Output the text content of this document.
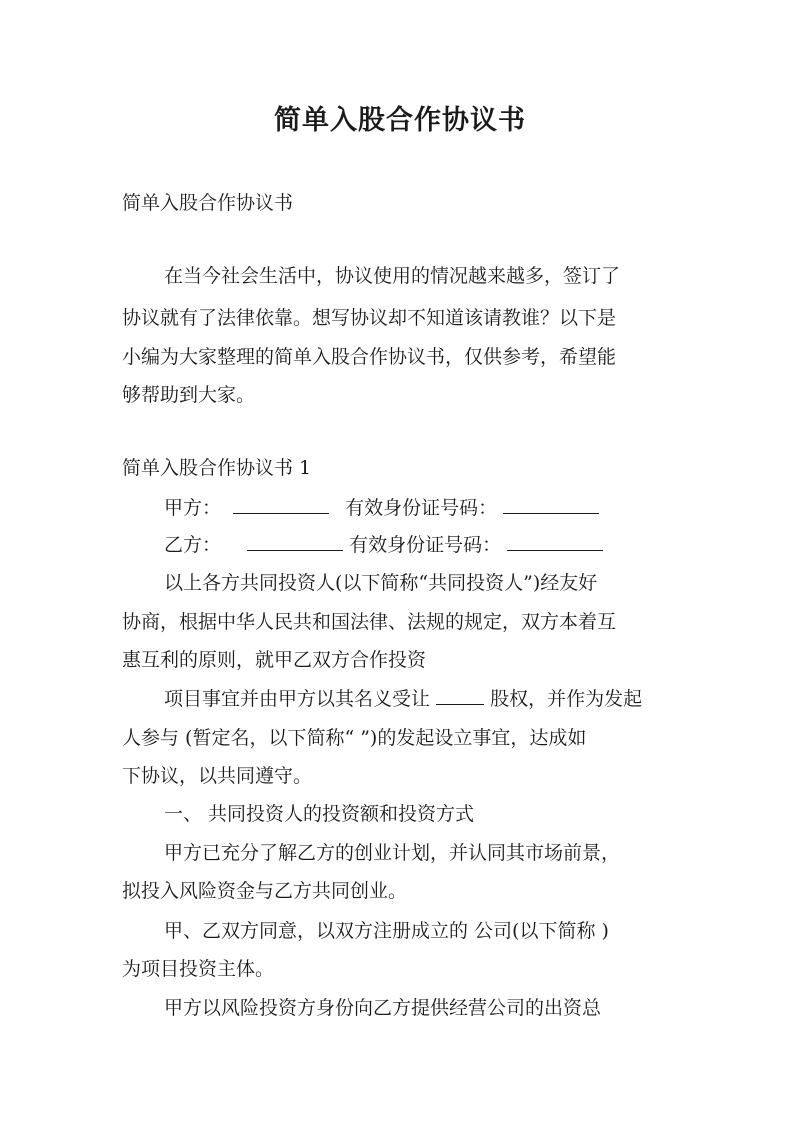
简单入股合作协议书

简单入股合作协议书

在当今社会生活中，协议使用的情况越来越多，签订了

协议就有了法律依靠。想写协议却不知道该请教谁？以下是

小编为大家整理的简单入股合作协议书，仅供参考，希望能

够帮助到大家。

简单入股合作协议书 1

甲方：	有效身份证号码：

乙方：	有效身份证号码：

以上各方共同投资人(以下简称“共同投资人”)经友好

协商，根据中华人民共和国法律、法规的规定，双方本着互

惠互利的原则，就甲乙双方合作投资

项目事宜并由甲方以其名义受让	股权，并作为发起

人参与 (暂定名，以下简称“ ”)的发起设立事宜，达成如

下协议，以共同遵守。

一、 共同投资人的投资额和投资方式

甲方已充分了解乙方的创业计划，并认同其市场前景，

拟投入风险资金与乙方共同创业。

甲、乙双方同意，以双方注册成立的 公司(以下简称 )

为项目投资主体。

甲方以风险投资方身份向乙方提供经营公司的出资总
